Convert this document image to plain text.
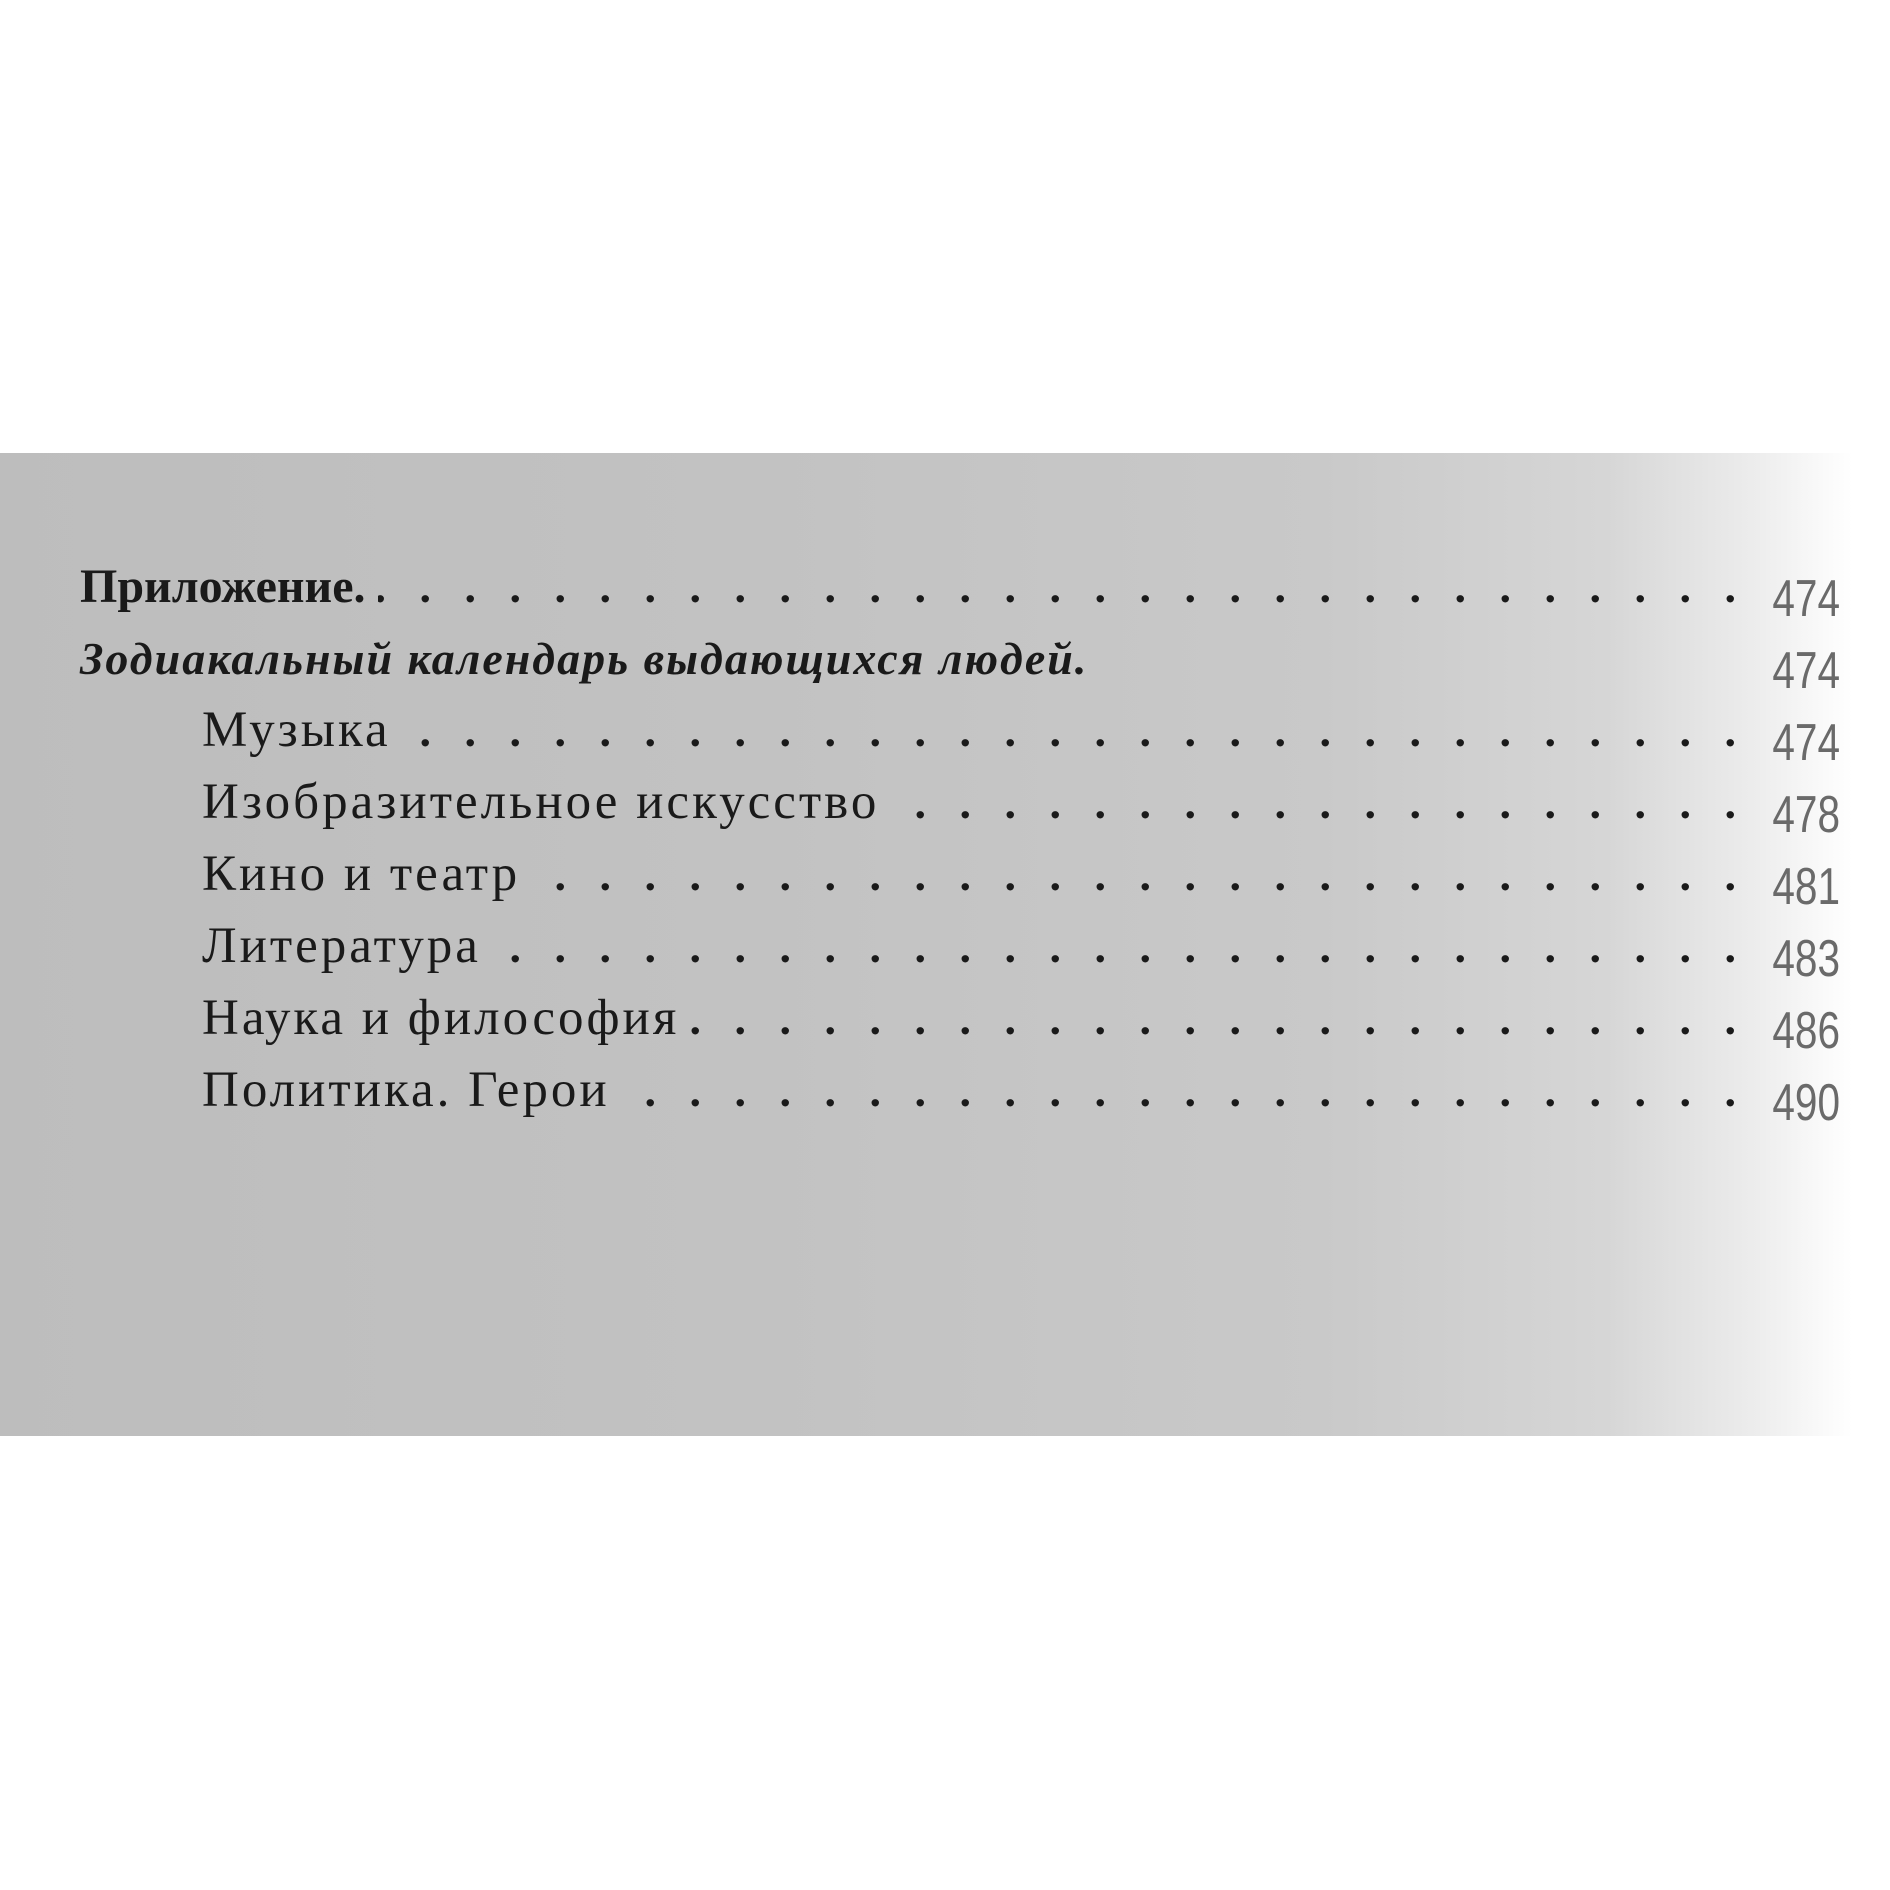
Приложение. . . .	474
Зодиакальный календарь выдающихся людей.	474
Музыка . . .	474
Изобразительное искусство . . .	478
Кино и театр . . .	481
Литература . . .	483
Наука и философия . . .	486
Политика. Герои . . .	490
